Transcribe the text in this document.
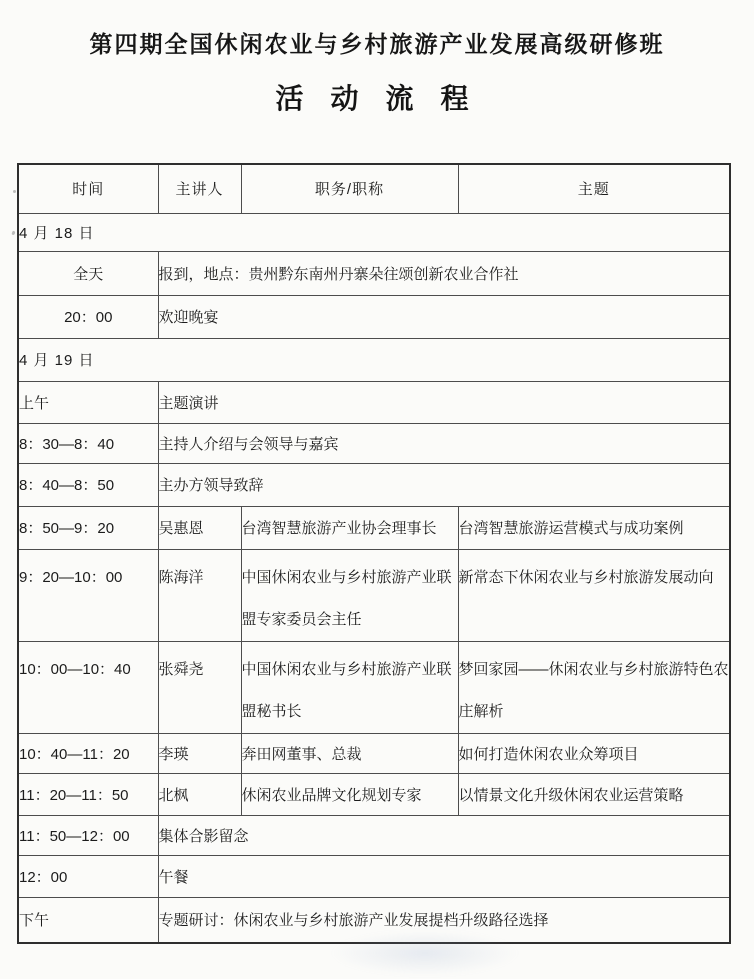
第四期全国休闲农业与乡村旅游产业发展高级研修班
活 动 流 程
时间	主讲人	职务/职称	主题
4 月 18 日			
全天	报到，地点：贵州黔东南州丹寨朵往颂创新农业合作社		
20：00	欢迎晚宴		
4 月 19 日			
上午	主题演讲		
8：30—8：40	主持人介绍与会领导与嘉宾		
8：40—8：50	主办方领导致辞		
8：50—9：20	吴惠恩	台湾智慧旅游产业协会理事长	台湾智慧旅游运营模式与成功案例
9：20—10：00	陈海洋	中国休闲农业与乡村旅游产业联盟专家委员会主任	新常态下休闲农业与乡村旅游发展动向
10：00—10：40	张舜尧	中国休闲农业与乡村旅游产业联盟秘书长	梦回家园——休闲农业与乡村旅游特色农庄解析
10：40—11：20	李瑛	奔田网董事、总裁	如何打造休闲农业众筹项目
11：20—11：50	北枫	休闲农业品牌文化规划专家	以情景文化升级休闲农业运营策略
11：50—12：00	集体合影留念		
12：00	午餐		
下午	专题研讨：休闲农业与乡村旅游产业发展提档升级路径选择		
